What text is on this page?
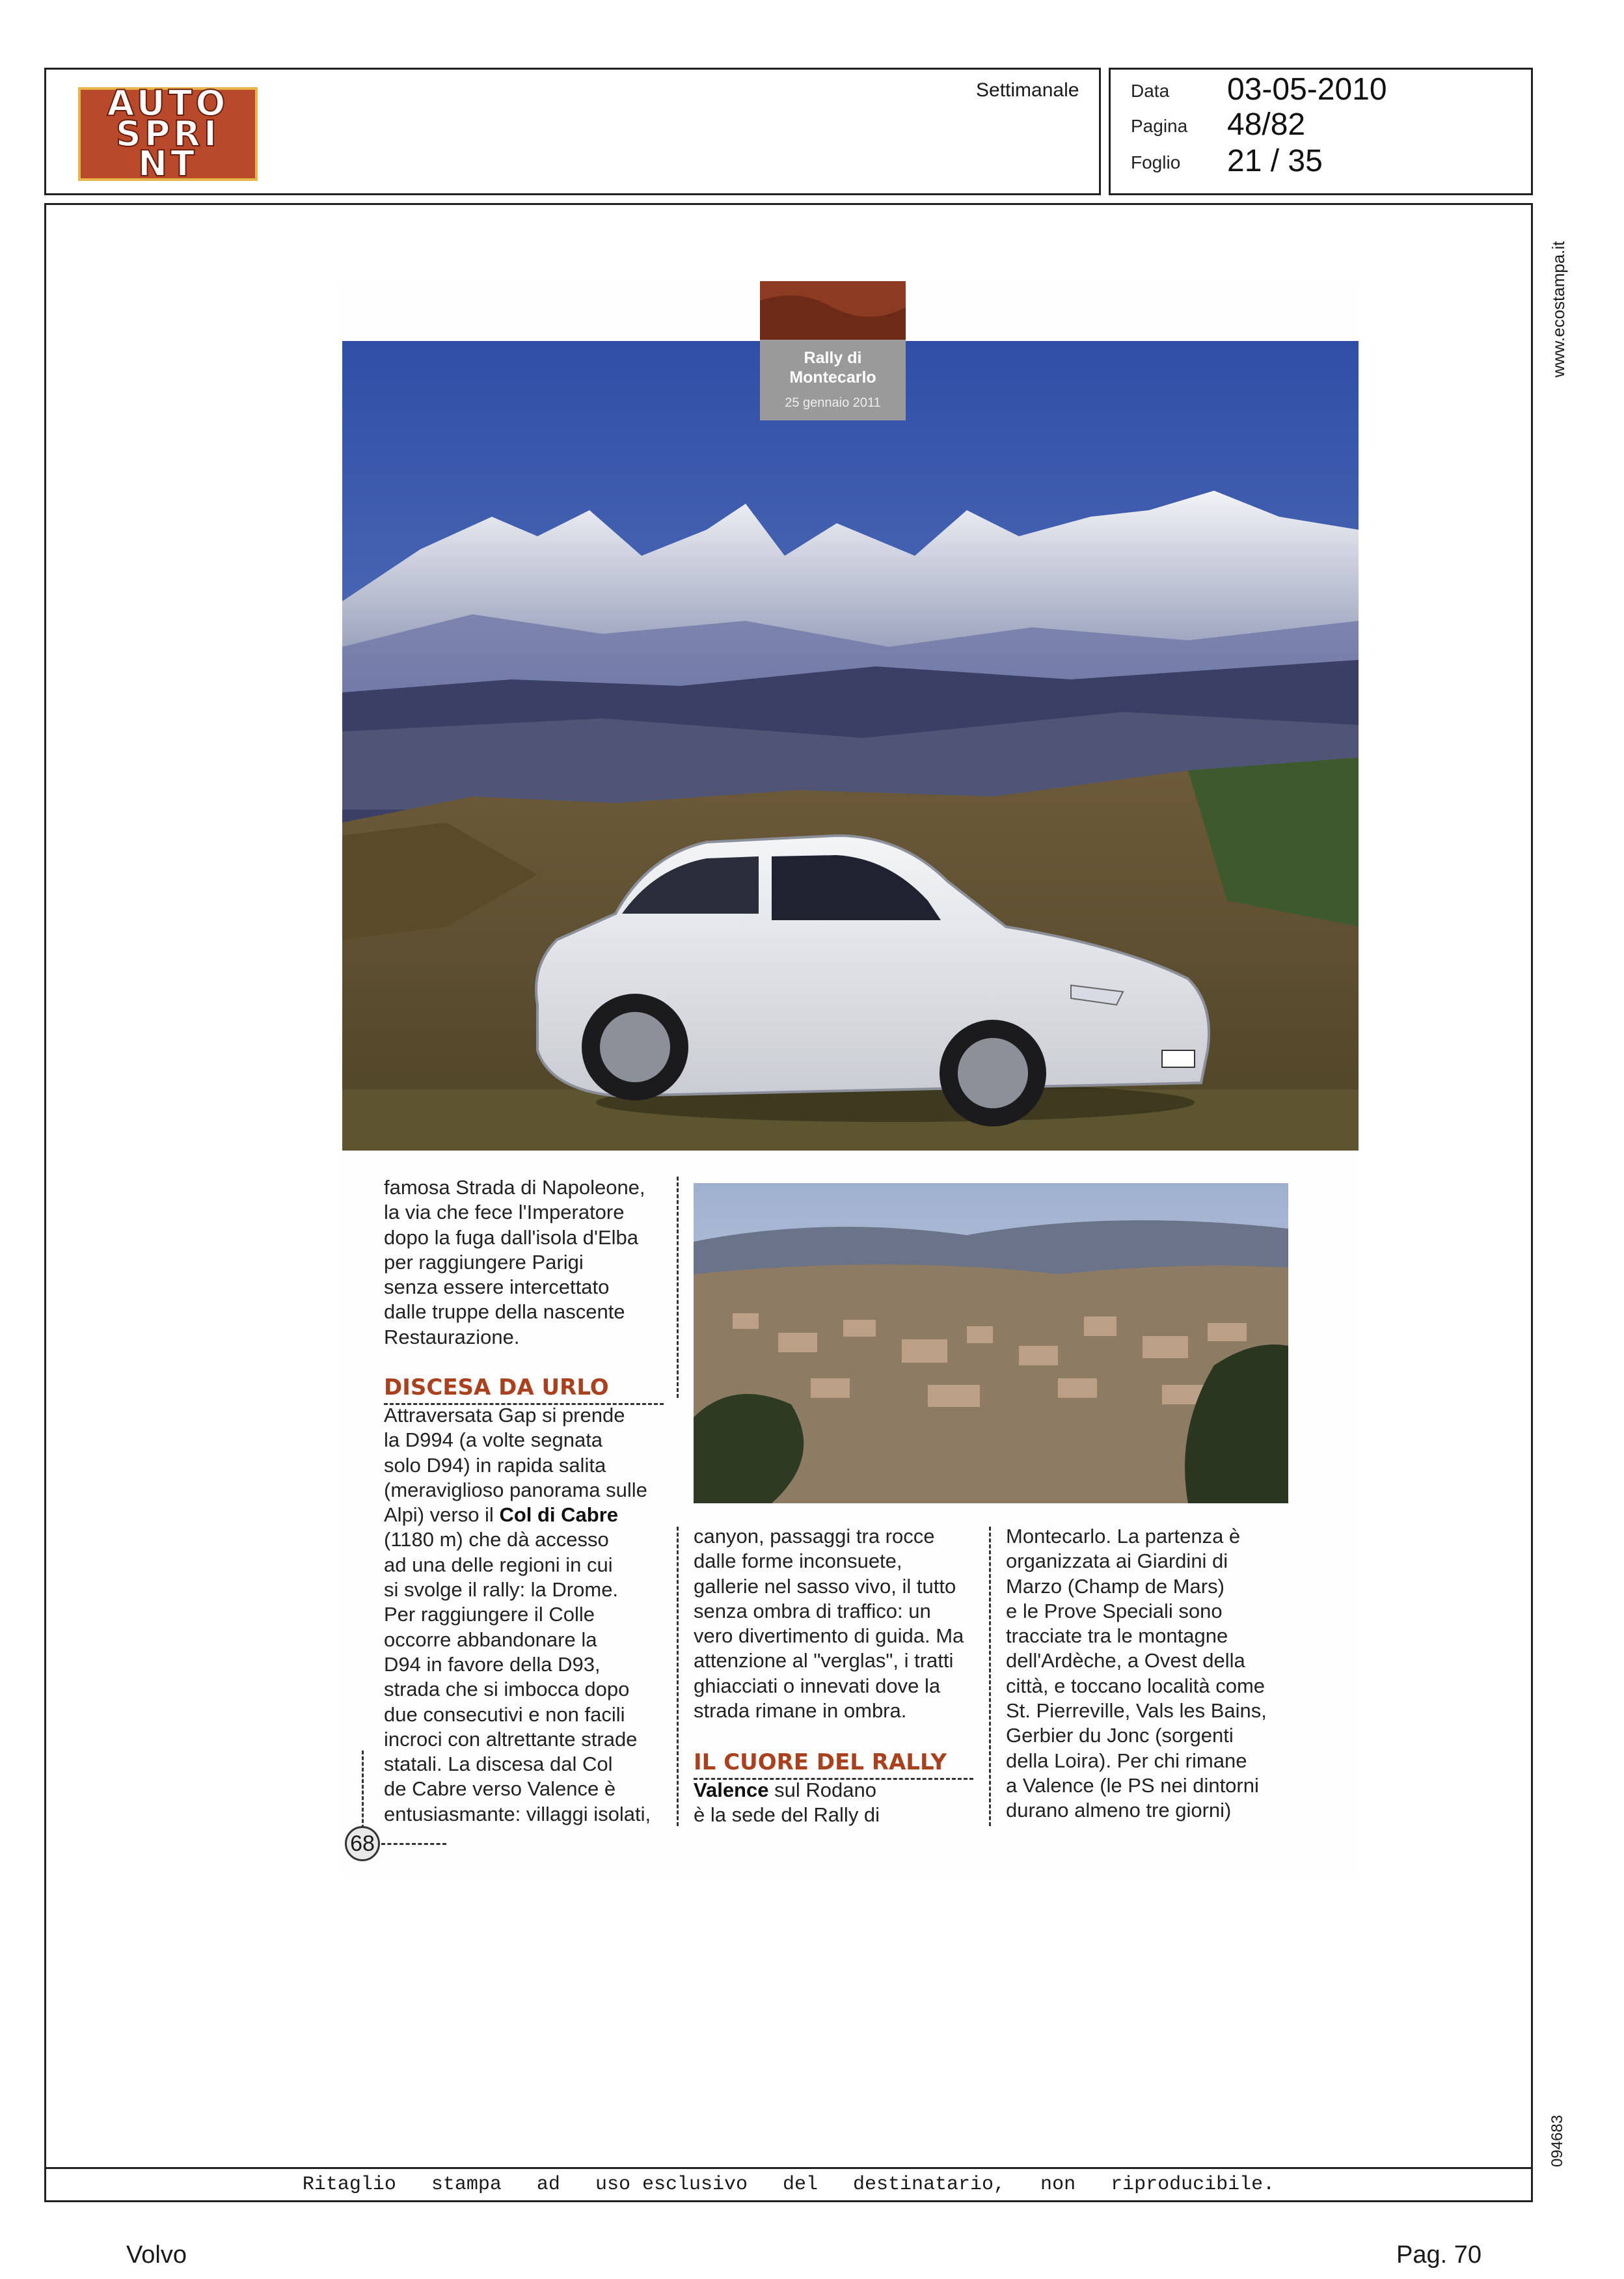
AUTO
SPRI
NT
Settimanale	Data 03-05-2010
Pagina 48/82
Foglio 21 / 35
www.ecostampa.it
094683
Rally di
Montecarlo
25 gennaio 2011
famosa Strada di Napoleone,
la via che fece l'Imperatore
dopo la fuga dall'isola d'Elba
per raggiungere Parigi
senza essere intercettato
dalle truppe della nascente
Restaurazione.
DISCESA DA URLO
Attraversata Gap si prende
la D994 (a volte segnata
solo D94) in rapida salita
(meraviglioso panorama sulle
Alpi) verso il Col di Cabre
(1180 m) che dà accesso
ad una delle regioni in cui
si svolge il rally: la Drome.
Per raggiungere il Colle
occorre abbandonare la
D94 in favore della D93,
strada che si imbocca dopo
due consecutivi e non facili
incroci con altrettante strade
statali. La discesa dal Col
de Cabre verso Valence è
entusiasmante: villaggi isolati,
canyon, passaggi tra rocce
dalle forme inconsuete,
gallerie nel sasso vivo, il tutto
senza ombra di traffico: un
vero divertimento di guida. Ma
attenzione al "verglas", i tratti
ghiacciati o innevati dove la
strada rimane in ombra.
IL CUORE DEL RALLY
Valence sul Rodano
è la sede del Rally di
Montecarlo. La partenza è
organizzata ai Giardini di
Marzo (Champ de Mars)
e le Prove Speciali sono
tracciate tra le montagne
dell'Ardèche, a Ovest della
città, e toccano località come
St. Pierreville, Vals les Bains,
Gerbier du Jonc (sorgenti
della Loira). Per chi rimane
a Valence (le PS nei dintorni
durano almeno tre giorni)
68
Ritaglio   stampa   ad   uso esclusivo   del   destinatario,   non   riproducibile.
Volvo	Pag. 70
